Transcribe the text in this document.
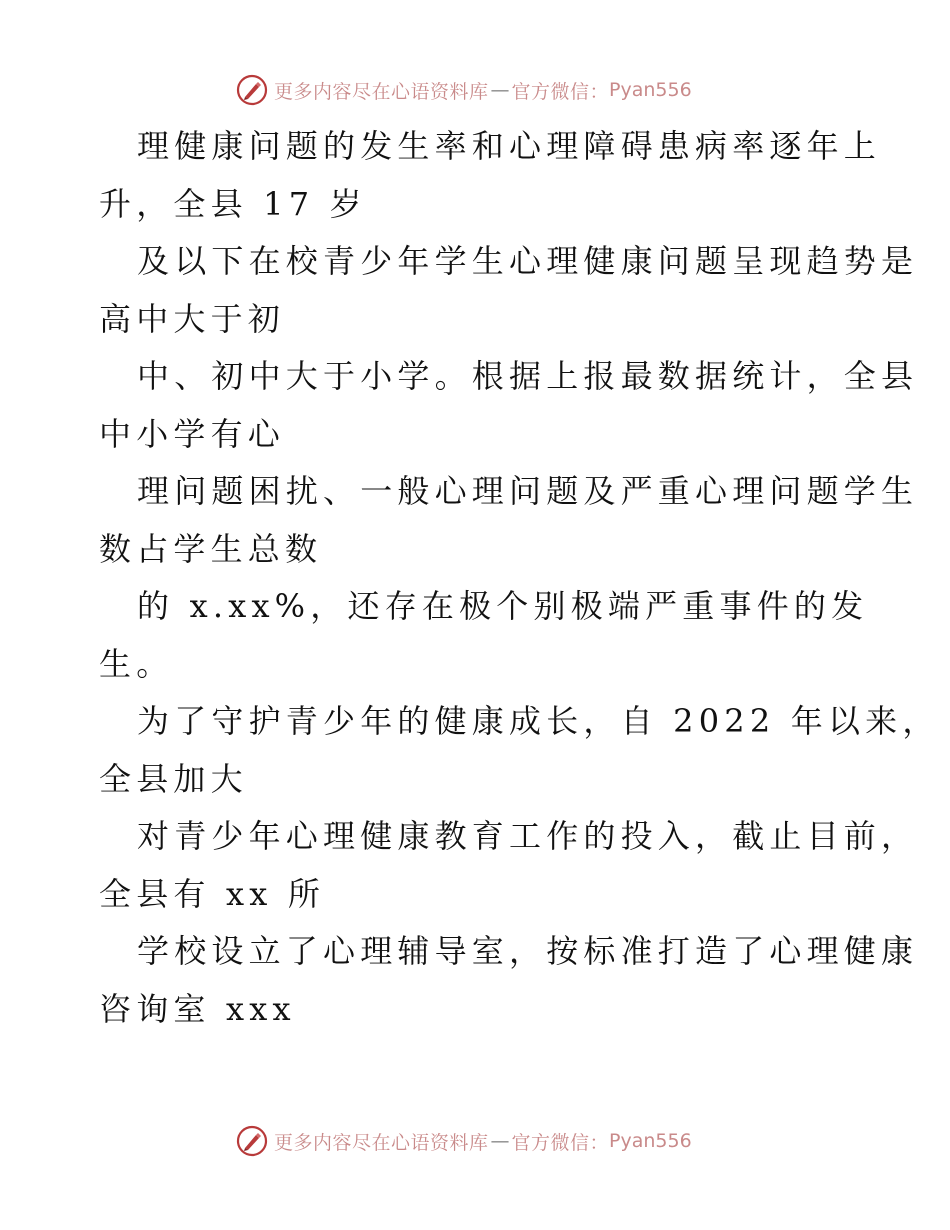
更多内容尽在心语资料库 — 官方微信： Pyan556
理健康问题的发生率和心理障碍患病率逐年上
升，全县 17 岁
及以下在校青少年学生心理健康问题呈现趋势是
高中大于初
中、初中大于小学。根据上报最数据统计，全县
中小学有心
理问题困扰、一般心理问题及严重心理问题学生
数占学生总数
的 x.xx%，还存在极个别极端严重事件的发
生。
为了守护青少年的健康成长，自 2022 年以来，
全县加大
对青少年心理健康教育工作的投入，截止目前，
全县有 xx 所
学校设立了心理辅导室，按标准打造了心理健康
咨询室 xxx
更多内容尽在心语资料库 — 官方微信： Pyan556
